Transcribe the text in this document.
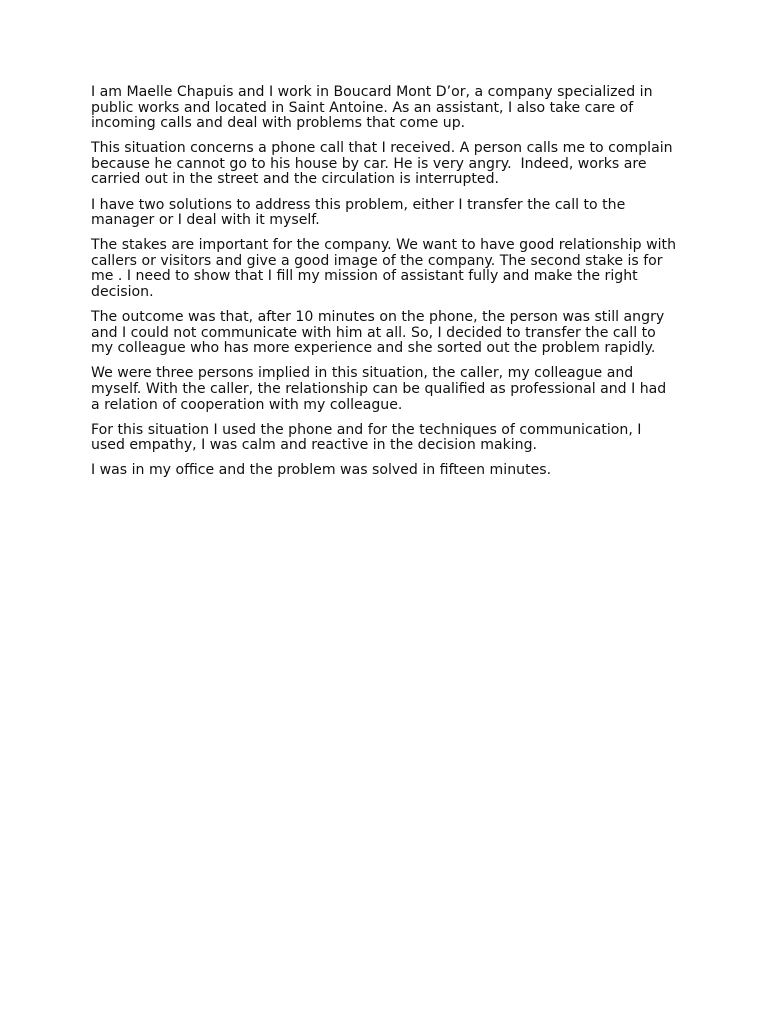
I am Maelle Chapuis and I work in Boucard Mont D’or, a company specialized in public works and located in Saint Antoine. As an assistant, I also take care of incoming calls and deal with problems that come up.

This situation concerns a phone call that I received. A person calls me to complain because he cannot go to his house by car. He is very angry.  Indeed, works are carried out in the street and the circulation is interrupted.

I have two solutions to address this problem, either I transfer the call to the manager or I deal with it myself.

The stakes are important for the company. We want to have good relationship with callers or visitors and give a good image of the company. The second stake is for me . I need to show that I fill my mission of assistant fully and make the right decision.

The outcome was that, after 10 minutes on the phone, the person was still angry and I could not communicate with him at all. So, I decided to transfer the call to my colleague who has more experience and she sorted out the problem rapidly.

We were three persons implied in this situation, the caller, my colleague and myself. With the caller, the relationship can be qualified as professional and I had a relation of cooperation with my colleague.

For this situation I used the phone and for the techniques of communication, I used empathy, I was calm and reactive in the decision making.

I was in my office and the problem was solved in fifteen minutes.
